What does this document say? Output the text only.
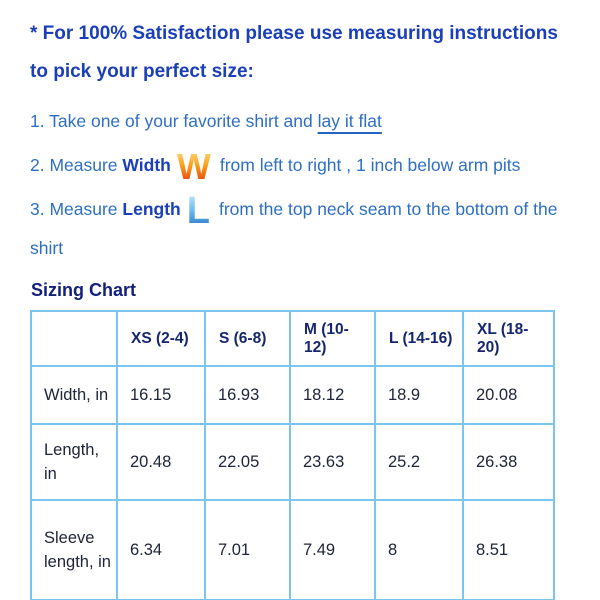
* For 100% Satisfaction please use measuring instructions to pick your perfect size:

1. Take one of your favorite shirt and lay it flat

2. Measure Width W from left to right , 1 inch below arm pits

3. Measure Length L from the top neck seam to the bottom of the shirt

Sizing Chart
	XS (2-4)	S (6-8)	M (10-12)	L (14-16)	XL (18-20)
Width, in	16.15	16.93	18.12	18.9	20.08
Length, in	20.48	22.05	23.63	25.2	26.38
Sleeve length, in	6.34	7.01	7.49	8	8.51
